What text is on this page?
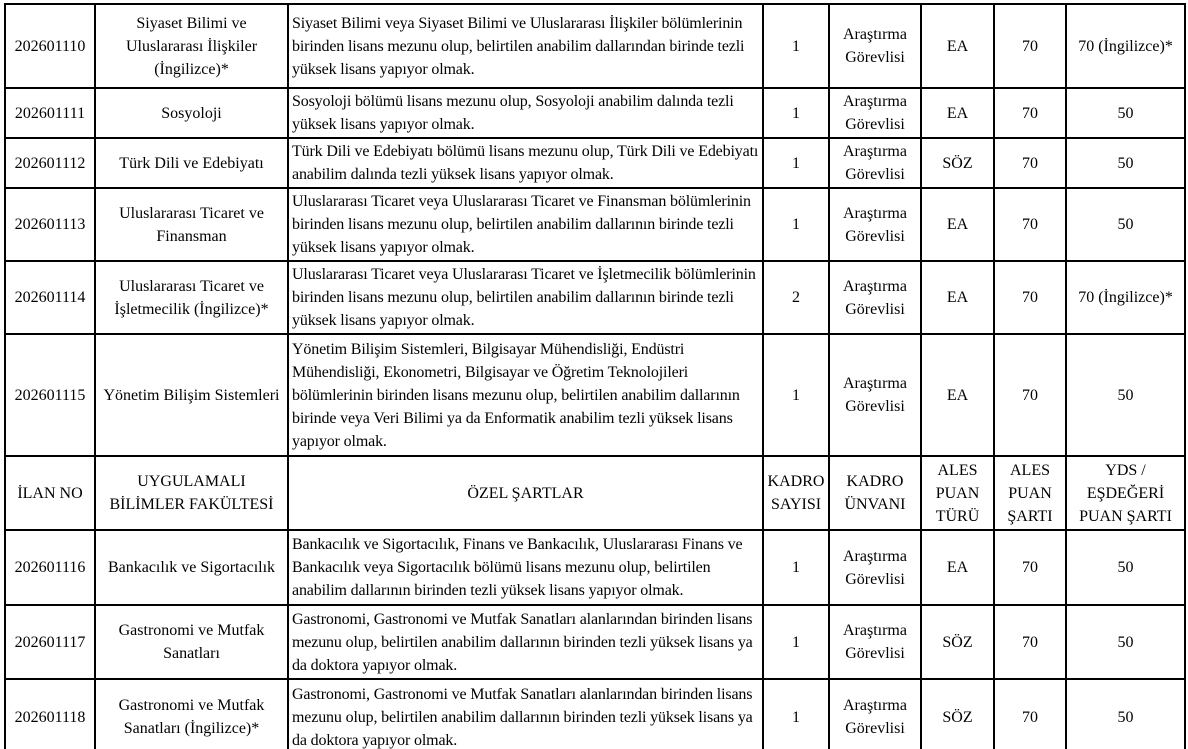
202601110	Siyaset Bilimi ve Uluslararası İlişkiler (İngilizce)*	Siyaset Bilimi veya Siyaset Bilimi ve Uluslararası İlişkiler bölümlerinin birinden lisans mezunu olup, belirtilen anabilim dallarından birinde tezli yüksek lisans yapıyor olmak.	1	Araştırma Görevlisi	EA	70	70 (İngilizce)*
202601111	Sosyoloji	Sosyoloji bölümü lisans mezunu olup, Sosyoloji anabilim dalında tezli yüksek lisans yapıyor olmak.	1	Araştırma Görevlisi	EA	70	50
202601112	Türk Dili ve Edebiyatı	Türk Dili ve Edebiyatı bölümü lisans mezunu olup, Türk Dili ve Edebiyatı anabilim dalında tezli yüksek lisans yapıyor olmak.	1	Araştırma Görevlisi	SÖZ	70	50
202601113	Uluslararası Ticaret ve Finansman	Uluslararası Ticaret veya Uluslararası Ticaret ve Finansman bölümlerinin birinden lisans mezunu olup, belirtilen anabilim dallarının birinde tezli yüksek lisans yapıyor olmak.	1	Araştırma Görevlisi	EA	70	50
202601114	Uluslararası Ticaret ve İşletmecilik (İngilizce)*	Uluslararası Ticaret veya Uluslararası Ticaret ve İşletmecilik bölümlerinin birinden lisans mezunu olup, belirtilen anabilim dallarının birinde tezli yüksek lisans yapıyor olmak.	2	Araştırma Görevlisi	EA	70	70 (İngilizce)*
202601115	Yönetim Bilişim Sistemleri	Yönetim Bilişim Sistemleri, Bilgisayar Mühendisliği, Endüstri Mühendisliği, Ekonometri, Bilgisayar ve Öğretim Teknolojileri bölümlerinin birinden lisans mezunu olup, belirtilen anabilim dallarının birinde veya Veri Bilimi ya da Enformatik anabilim tezli yüksek lisans yapıyor olmak.	1	Araştırma Görevlisi	EA	70	50
İLAN NO	UYGULAMALI BİLİMLER FAKÜLTESİ	ÖZEL ŞARTLAR	KADRO SAYISI	KADRO ÜNVANI	ALES PUAN TÜRÜ	ALES PUAN ŞARTI	YDS / EŞDEĞERİ PUAN ŞARTI
202601116	Bankacılık ve Sigortacılık	Bankacılık ve Sigortacılık, Finans ve Bankacılık, Uluslararası Finans ve Bankacılık veya Sigortacılık bölümü lisans mezunu olup, belirtilen anabilim dallarının birinden tezli yüksek lisans yapıyor olmak.	1	Araştırma Görevlisi	EA	70	50
202601117	Gastronomi ve Mutfak Sanatları	Gastronomi, Gastronomi ve Mutfak Sanatları alanlarından birinden lisans mezunu olup, belirtilen anabilim dallarının birinden tezli yüksek lisans ya da doktora yapıyor olmak.	1	Araştırma Görevlisi	SÖZ	70	50
202601118	Gastronomi ve Mutfak Sanatları (İngilizce)*	Gastronomi, Gastronomi ve Mutfak Sanatları alanlarından birinden lisans mezunu olup, belirtilen anabilim dallarının birinden tezli yüksek lisans ya da doktora yapıyor olmak.	1	Araştırma Görevlisi	SÖZ	70	50
